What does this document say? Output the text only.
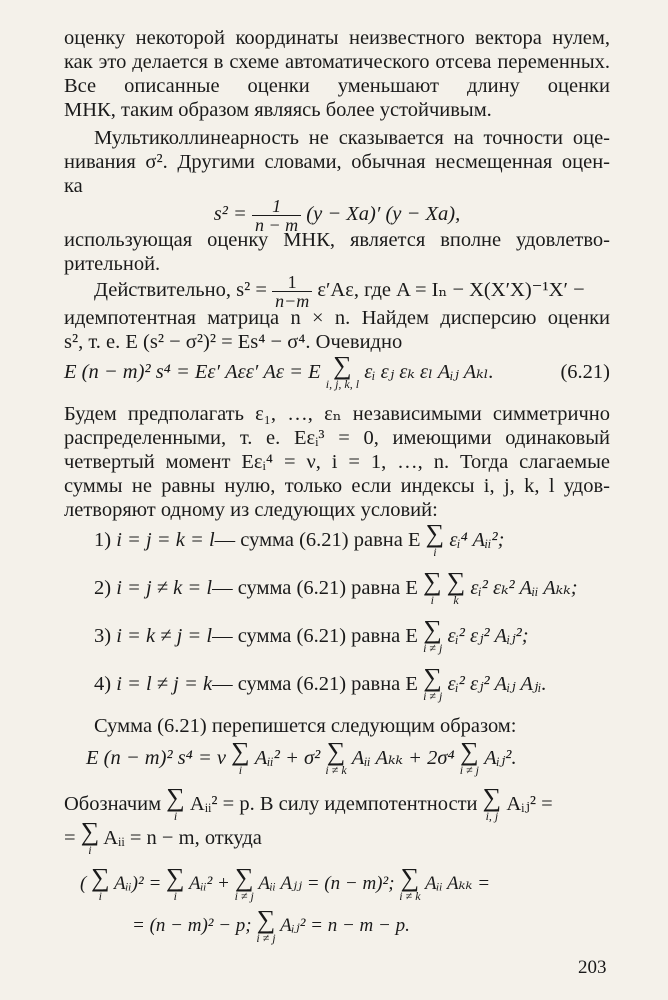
оценку некоторой координаты неизвестного вектора нулем,
как это делается в схеме автоматического отсева переменных.
Все описанные оценки уменьшают длину оценки
МНК, таким образом являясь более устойчивым.
Мультиколлинеарность не сказывается на точности оце-
нивания σ². Другими словами, обычная несмещенная оцен-
ка
$s^2 = \frac{1}{n - m} (y - Xa)'$ (y − Xa),
использующая оценку МНК, является вполне удовлетво-
рительной.
Действительно, $s^2 = \frac{1}{n-m} \varepsilon'A\varepsilon$, где A = Iₙ − X(X′X)⁻¹X′ −
идемпотентная матрица n × n. Найдем дисперсию оценки
s², т. е. E (s² − σ²)² = Es⁴ − σ⁴. Очевидно
E (n − m)² s⁴ = Eε′ Aεε′ Aε = E ∑
i, j, k, l
εᵢ εⱼ εₖ εₗ Aᵢⱼ Aₖₗ.	(6.21)
Будем предполагать ε₁, …, εₙ независимыми симметрично
распределенными, т. е. Eεᵢ³ = 0, имеющими одинаковый
четвертый момент Eεᵢ⁴ = ν, i = 1, …, n. Тогда слагаемые
суммы не равны нулю, только если индексы i, j, k, l удов-
летворяют одному из следующих условий:
1) i = j = k = l— сумма (6.21) равна E ∑
i
εᵢ⁴ Aᵢᵢ²;
2) i = j ≠ k = l— сумма (6.21) равна E ∑
i

∑
k
εᵢ² εₖ² Aᵢᵢ Aₖₖ;
3) i = k ≠ j = l— сумма (6.21) равна E ∑
i ≠ j
εᵢ² εⱼ² Aᵢⱼ²;
4) i = l ≠ j = k— сумма (6.21) равна E ∑
i ≠ j
εᵢ² εⱼ² Aᵢⱼ Aⱼᵢ.
Сумма (6.21) перепишется следующим образом:
E (n − m)² s⁴ = ν ∑
i
Aᵢᵢ² + σ² ∑
i ≠ k
Aᵢᵢ Aₖₖ + 2σ⁴ ∑
i ≠ j
Aᵢⱼ².
Обозначим ∑
i
Aᵢᵢ² = p. В силу идемпотентности ∑
i, j
Aᵢⱼ² =
= ∑
i
Aᵢᵢ = n − m, откуда
( ∑
i
Aᵢᵢ)² = ∑
i
Aᵢᵢ² + ∑
i ≠ j
Aᵢᵢ Aⱼⱼ = (n − m)²; ∑
i ≠ k
Aᵢᵢ Aₖₖ =
= (n − m)² − p; ∑
i ≠ j
Aᵢⱼ² = n − m − p.
203
